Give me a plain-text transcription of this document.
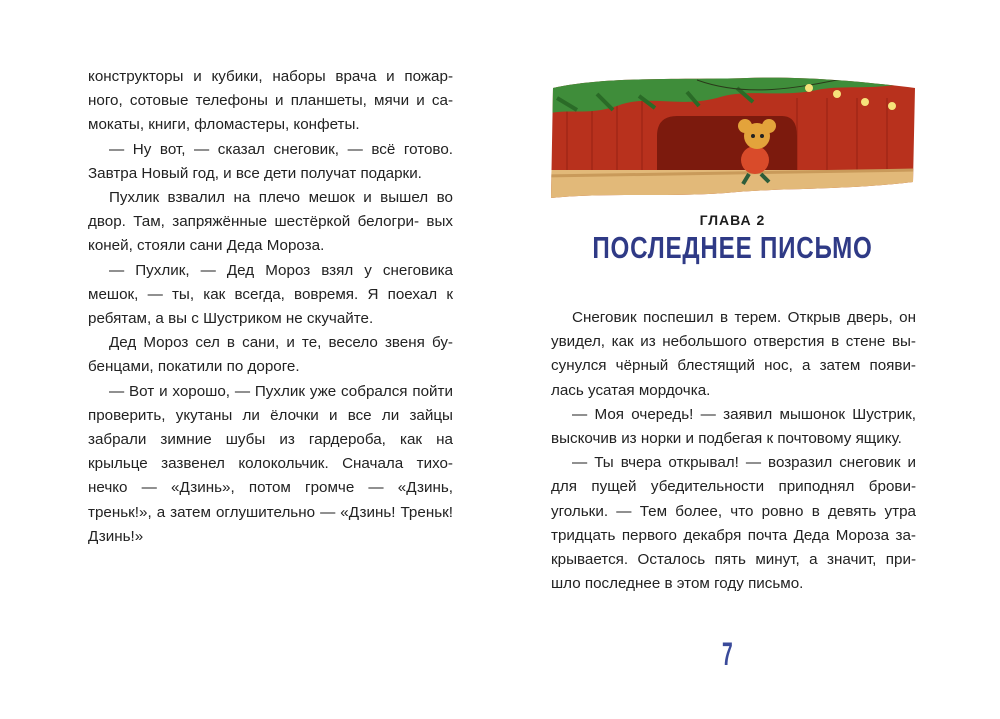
конструкторы и кубики, наборы врача и пожар- ного, сотовые телефоны и планшеты, мячи и са- мокаты, книги, фломастеры, конфеты.

— Ну вот, — сказал снеговик, — всё готово. Завтра Новый год, и все дети получат подарки.

Пухлик взвалил на плечо мешок и вышел во двор. Там, запряжённые шестёркой белогри- вых коней, стояли сани Деда Мороза.

— Пухлик, — Дед Мороз взял у снеговика мешок, — ты, как всегда, вовремя. Я поехал к ребятам, а вы с Шустриком не скучайте.

Дед Мороз сел в сани, и те, весело звеня бу- бенцами, покатили по дороге.

— Вот и хорошо, — Пухлик уже собрался пойти проверить, укутаны ли ёлочки и все ли зайцы забрали зимние шубы из гардероба, как на крыльце зазвенел колокольчик. Сначала тихо- нечко — «Дзинь», потом громче — «Дзинь, треньк!», а затем оглушительно — «Дзинь! Треньк! Дзинь!»

ГЛАВА 2
ПОСЛЕДНЕЕ ПИСЬМО

Снеговик поспешил в терем. Открыв дверь, он увидел, как из небольшого отверстия в стене вы- сунулся чёрный блестящий нос, а затем появи- лась усатая мордочка.

— Моя очередь! — заявил мышонок Шустрик, выскочив из норки и подбегая к почтовому ящику.

— Ты вчера открывал! — возразил снеговик и для пущей убедительности приподнял брови- угольки. — Тем более, что ровно в девять утра тридцать первого декабря почта Деда Мороза за- крывается. Осталось пять минут, а значит, при- шло последнее в этом году письмо.

7
